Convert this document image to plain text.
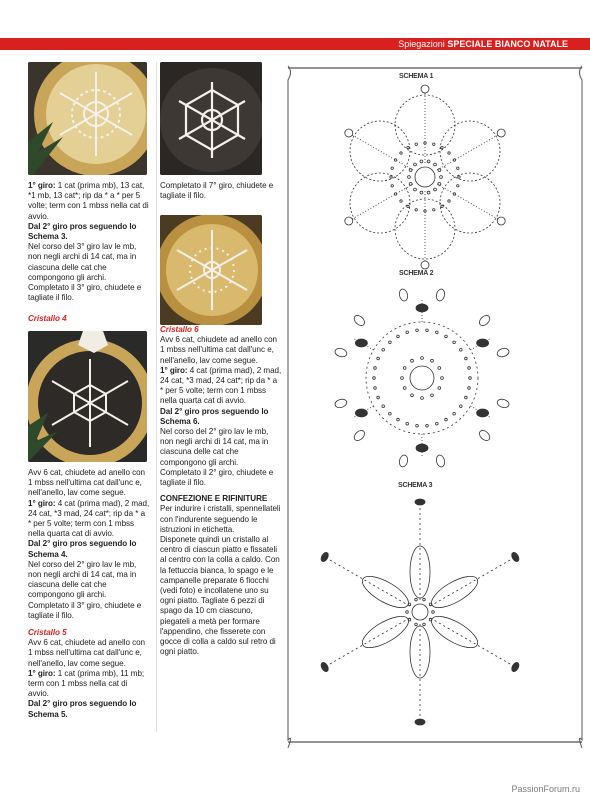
Spiegazioni SPECIALE BIANCO NATALE

1° giro: 1 cat (prima mb), 13 cat, *1 mb, 13 cat*; rip da * a * per 5 volte; term con 1 mbss nella cat di avvio.

Dal 2° giro pros seguendo lo Schema 3.

Nel corso del 3° giro lav le mb, non negli archi di 14 cat, ma in ciascuna delle cat che compongono gli archi.

Completato il 3° giro, chiudete e tagliate il filo.

Cristallo 4

Avv 6 cat, chiudete ad anello con 1 mbss nell'ultima cat dall'unc e, nell'anello, lav come segue.

1° giro: 4 cat (prima mad), 2 mad, 24 cat, *3 mad, 24 cat*; rip da * a * per 5 volte; term con 1 mbss nella quarta cat di avvio.

Dal 2° giro pros seguendo lo Schema 4.

Nel corso del 2° giro lav le mb, non negli archi di 14 cat, ma in ciascuna delle cat che compongono gli archi.

Completato il 3° giro, chiudete e tagliate il filo.

Cristallo 5

Avv 6 cat, chiudete ad anello con 1 mbss nell'ultima cat dall'unc e, nell'anello, lav come segue.

1° giro: 1 cat (prima mb), 11 mb; term con 1 mbss nella cat di avvio.

Dal 2° giro pros seguendo lo Schema 5.

Completato il 7° giro, chiudete e tagliate il filo.

Cristallo 6

Avv 6 cat, chiudete ad anello con 1 mbss nell'ultima cat dall'unc e, nell'anello, lav come segue.

1° giro: 4 cat (prima mad), 2 mad, 24 cat, *3 mad, 24 cat*; rip da * a * per 5 volte; term con 1 mbss nella quarta cat di avvio.

Dal 2° giro pros seguendo lo Schema 6.

Nel corso del 2° giro lav le mb, non negli archi di 14 cat, ma in ciascuna delle cat che compongono gli archi.

Completato il 2° giro, chiudete e tagliate il filo.

CONFEZIONE E RIFINITURE

Per indurire i cristalli, spennellateli con l'indurente seguendo le istruzioni in etichetta.

Disponete quindi un cristallo al centro di ciascun piatto e fissateli al centro con la colla a caldo. Con la fettuccia bianca, lo spago e le campanelle preparate 6 fiocchi (vedi foto) e incollatene uno su ogni piatto. Tagliate 6 pezzi di spago da 10 cm ciascuno, piegateli a metà per formare l'appendino, che fisserete con gocce di colla a caldo sul retro di ogni piatto.

SCHEMA 1
SCHEMA 2
SCHEMA 3
PassionForum.ru
